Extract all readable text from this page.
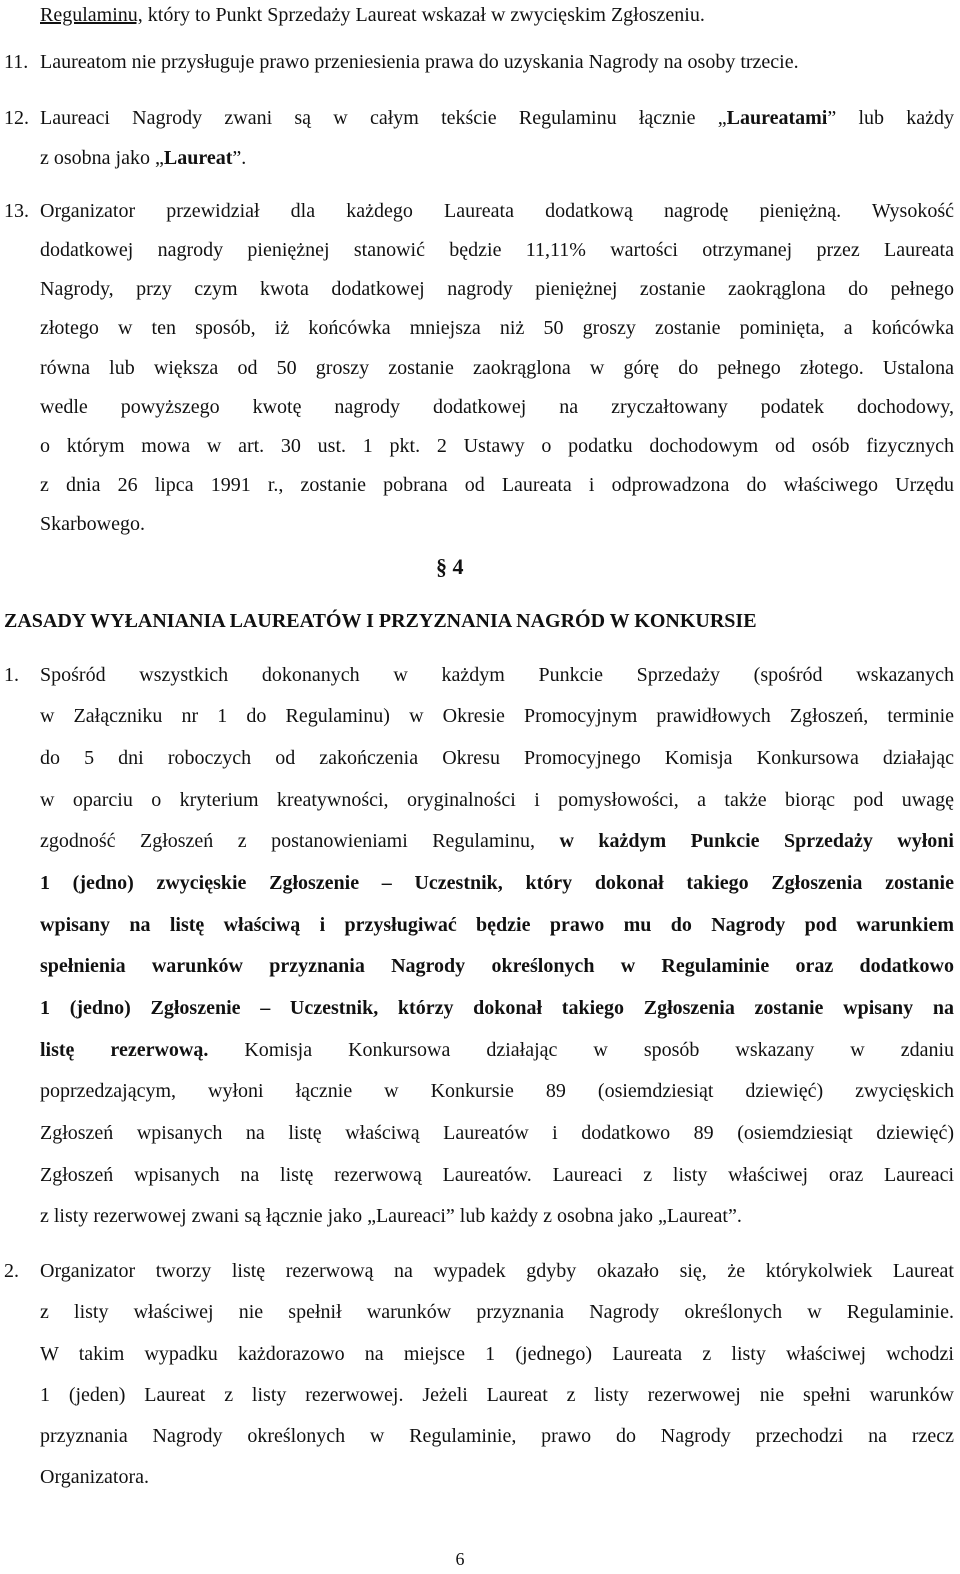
Regulaminu, który to Punkt Sprzedaży Laureat wskazał w zwycięskim Zgłoszeniu.
11. Laureatom nie przysługuje prawo przeniesienia prawa do uzyskania Nagrody na osoby trzecie.
12. Laureaci Nagrody zwani są w całym tekście Regulaminu łącznie „Laureatami” lub każdy
z osobna jako „Laureat”.
13. Organizator przewidział dla każdego Laureata dodatkową nagrodę pieniężną. Wysokość
dodatkowej nagrody pieniężnej stanowić będzie 11,11% wartości otrzymanej przez Laureata
Nagrody, przy czym kwota dodatkowej nagrody pieniężnej zostanie zaokrąglona do pełnego
złotego w ten sposób, iż końcówka mniejsza niż 50 groszy zostanie pominięta, a końcówka
równa lub większa od 50 groszy zostanie zaokrąglona w górę do pełnego złotego. Ustalona
wedle powyższego kwotę nagrody dodatkowej na zryczałtowany podatek dochodowy,
o którym mowa w art. 30 ust. 1 pkt. 2 Ustawy o podatku dochodowym od osób fizycznych
z dnia 26 lipca 1991 r., zostanie pobrana od Laureata i odprowadzona do właściwego Urzędu
Skarbowego.
§ 4
ZASADY WYŁANIANIA LAUREATÓW I PRZYZNANIA NAGRÓD W KONKURSIE
1.	Spośród wszystkich dokonanych w każdym Punkcie Sprzedaży (spośród wskazanych
w Załączniku nr 1 do Regulaminu) w Okresie Promocyjnym prawidłowych Zgłoszeń, terminie
do 5 dni roboczych od zakończenia Okresu Promocyjnego Komisja Konkursowa działając
w oparciu o kryterium kreatywności, oryginalności i pomysłowości, a także biorąc pod uwagę
zgodność Zgłoszeń z postanowieniami Regulaminu, w każdym Punkcie Sprzedaży wyłoni
1 (jedno) zwycięskie Zgłoszenie – Uczestnik, który dokonał takiego Zgłoszenia zostanie
wpisany na listę właściwą i przysługiwać będzie prawo mu do Nagrody pod warunkiem
spełnienia warunków przyznania Nagrody określonych w Regulaminie oraz dodatkowo
1 (jedno) Zgłoszenie – Uczestnik, którzy dokonał takiego Zgłoszenia zostanie wpisany na
listę rezerwową. Komisja Konkursowa działając w sposób wskazany w zdaniu
poprzedzającym, wyłoni łącznie w Konkursie 89 (osiemdziesiąt dziewięć) zwycięskich
Zgłoszeń wpisanych na listę właściwą Laureatów i dodatkowo 89 (osiemdziesiąt dziewięć)
Zgłoszeń wpisanych na listę rezerwową Laureatów. Laureaci z listy właściwej oraz Laureaci
z listy rezerwowej zwani są łącznie jako „Laureaci” lub każdy z osobna jako „Laureat”.
2.	Organizator tworzy listę rezerwową na wypadek gdyby okazało się, że którykolwiek Laureat
z listy właściwej nie spełnił warunków przyznania Nagrody określonych w Regulaminie.
W takim wypadku każdorazowo na miejsce 1 (jednego) Laureata z listy właściwej wchodzi
1 (jeden) Laureat z listy rezerwowej. Jeżeli Laureat z listy rezerwowej nie spełni warunków
przyznania Nagrody określonych w Regulaminie, prawo do Nagrody przechodzi na rzecz
Organizatora.
6
